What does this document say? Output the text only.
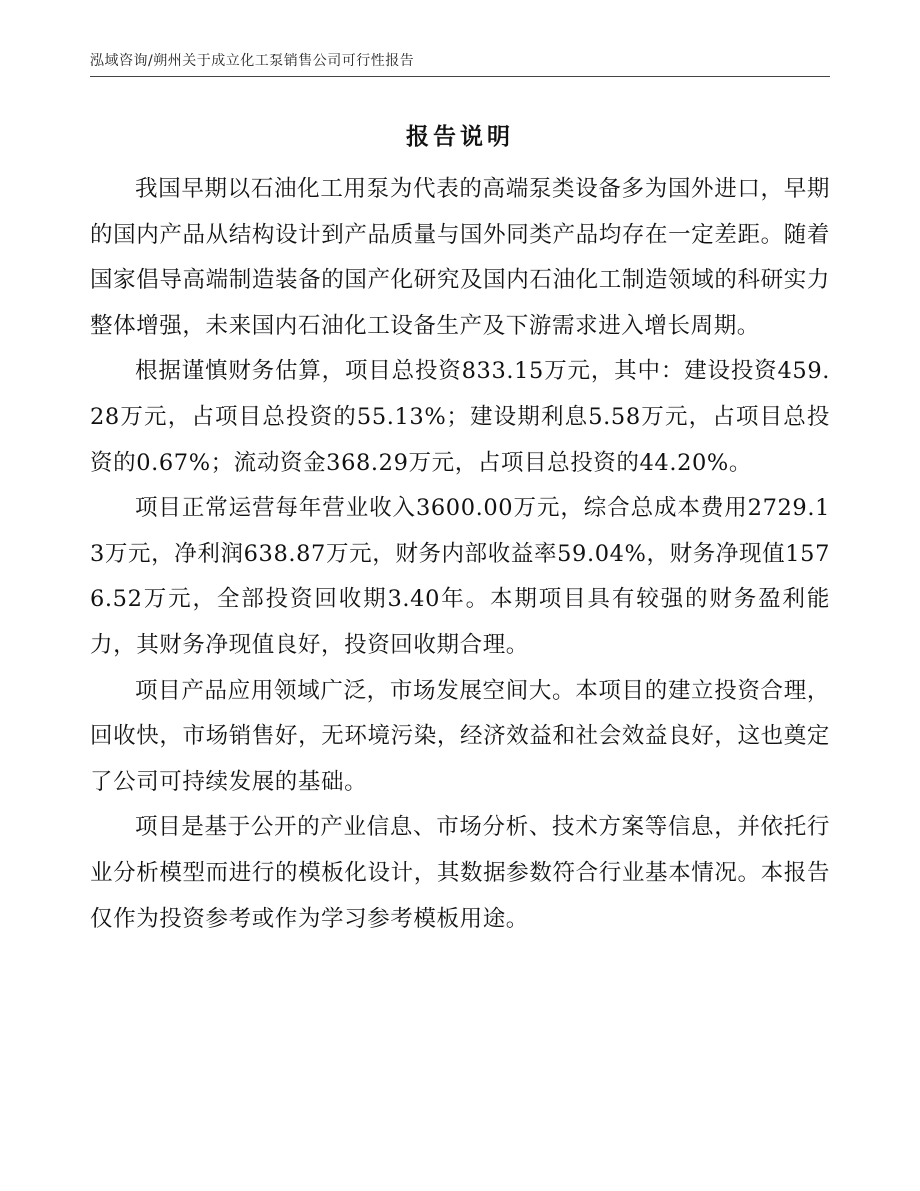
泓域咨询/朔州关于成立化工泵销售公司可行性报告
报告说明

我国早期以石油化工用泵为代表的高端泵类设备多为国外进口，早期的国内产品从结构设计到产品质量与国外同类产品均存在一定差距。随着国家倡导高端制造装备的国产化研究及国内石油化工制造领域的科研实力整体增强，未来国内石油化工设备生产及下游需求进入增长周期。

根据谨慎财务估算，项目总投资833.15万元，其中：建设投资459.28万元，占项目总投资的55.13%；建设期利息5.58万元，占项目总投资的0.67%；流动资金368.29万元，占项目总投资的44.20%。

项目正常运营每年营业收入3600.00万元，综合总成本费用2729.13万元，净利润638.87万元，财务内部收益率59.04%，财务净现值1576.52万元，全部投资回收期3.40年。本期项目具有较强的财务盈利能力，其财务净现值良好，投资回收期合理。

项目产品应用领域广泛，市场发展空间大。本项目的建立投资合理，回收快，市场销售好，无环境污染，经济效益和社会效益良好，这也奠定了公司可持续发展的基础。

项目是基于公开的产业信息、市场分析、技术方案等信息，并依托行业分析模型而进行的模板化设计，其数据参数符合行业基本情况。本报告仅作为投资参考或作为学习参考模板用途。
